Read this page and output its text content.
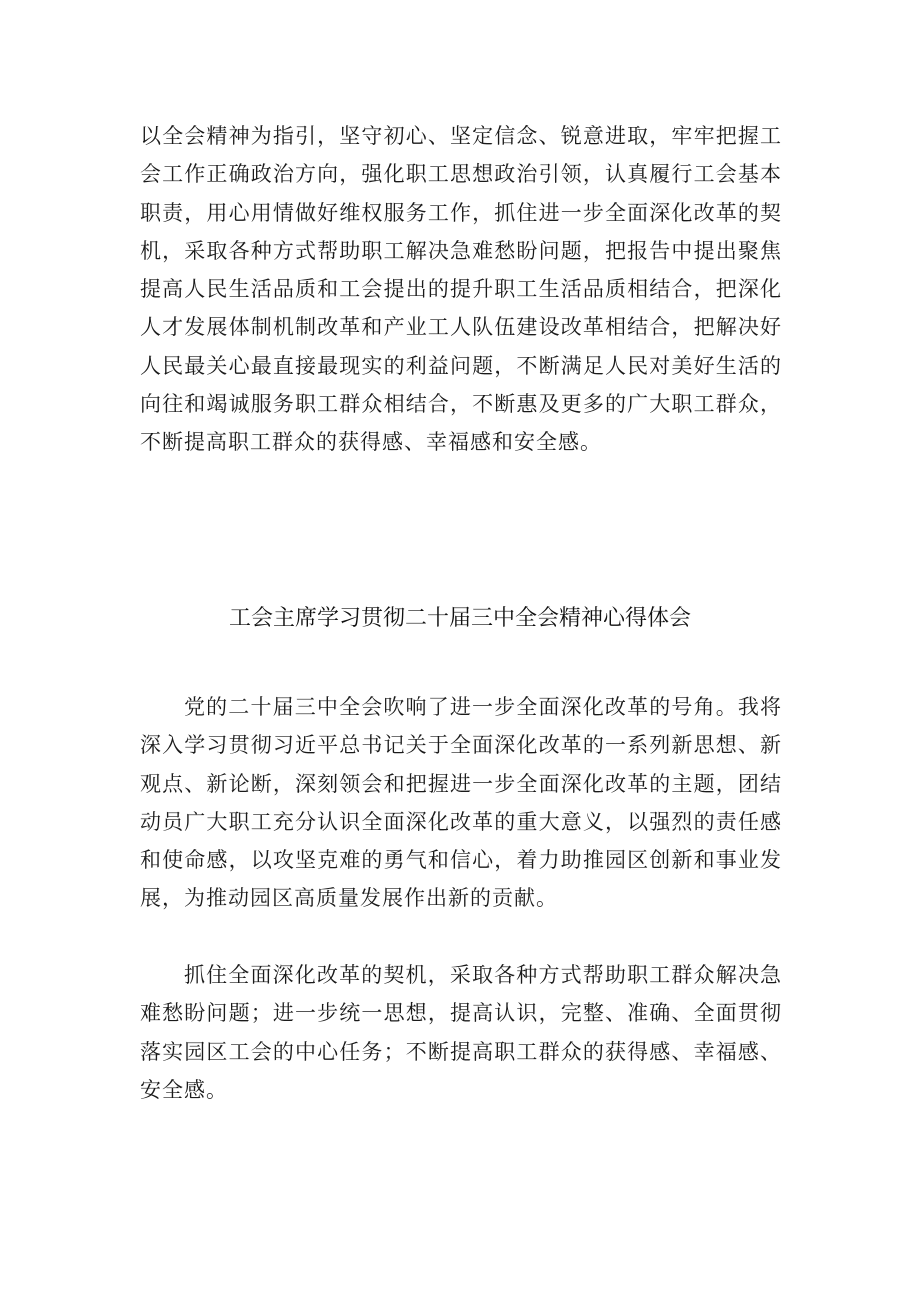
以全会精神为指引，坚守初心、坚定信念、锐意进取，牢牢把握工会工作正确政治方向，强化职工思想政治引领，认真履行工会基本职责，用心用情做好维权服务工作，抓住进一步全面深化改革的契机，采取各种方式帮助职工解决急难愁盼问题，把报告中提出聚焦提高人民生活品质和工会提出的提升职工生活品质相结合，把深化人才发展体制机制改革和产业工人队伍建设改革相结合，把解决好人民最关心最直接最现实的利益问题，不断满足人民对美好生活的向往和竭诚服务职工群众相结合，不断惠及更多的广大职工群众，不断提高职工群众的获得感、幸福感和安全感。

工会主席学习贯彻二十届三中全会精神心得体会

党的二十届三中全会吹响了进一步全面深化改革的号角。我将深入学习贯彻习近平总书记关于全面深化改革的一系列新思想、新观点、新论断，深刻领会和把握进一步全面深化改革的主题，团结动员广大职工充分认识全面深化改革的重大意义，以强烈的责任感和使命感，以攻坚克难的勇气和信心，着力助推园区创新和事业发展，为推动园区高质量发展作出新的贡献。

抓住全面深化改革的契机，采取各种方式帮助职工群众解决急难愁盼问题；进一步统一思想，提高认识，完整、准确、全面贯彻落实园区工会的中心任务；不断提高职工群众的获得感、幸福感、安全感。
